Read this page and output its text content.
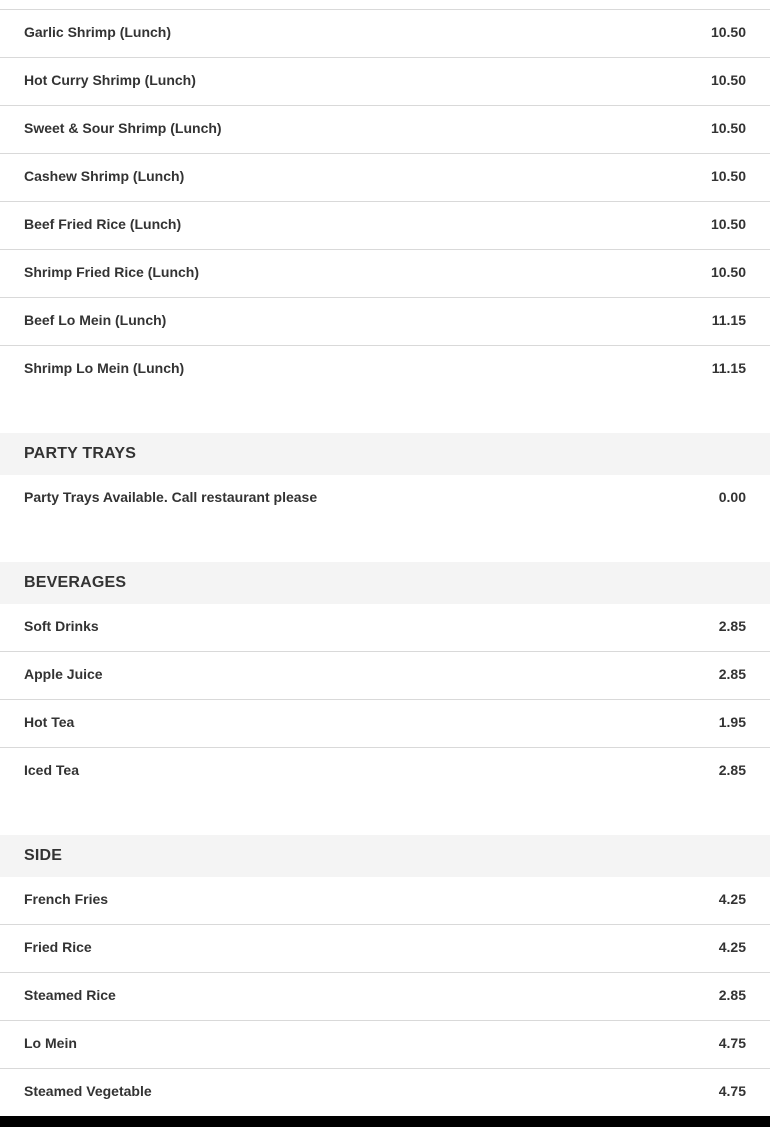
Garlic Shrimp (Lunch)	10.50
Hot Curry Shrimp (Lunch)	10.50
Sweet & Sour Shrimp (Lunch)	10.50
Cashew Shrimp (Lunch)	10.50
Beef Fried Rice (Lunch)	10.50
Shrimp Fried Rice (Lunch)	10.50
Beef Lo Mein (Lunch)	11.15
Shrimp Lo Mein (Lunch)	11.15
PARTY TRAYS
Party Trays Available. Call restaurant please	0.00
BEVERAGES
Soft Drinks	2.85
Apple Juice	2.85
Hot Tea	1.95
Iced Tea	2.85
SIDE
French Fries	4.25
Fried Rice	4.25
Steamed Rice	2.85
Lo Mein	4.75
Steamed Vegetable	4.75
